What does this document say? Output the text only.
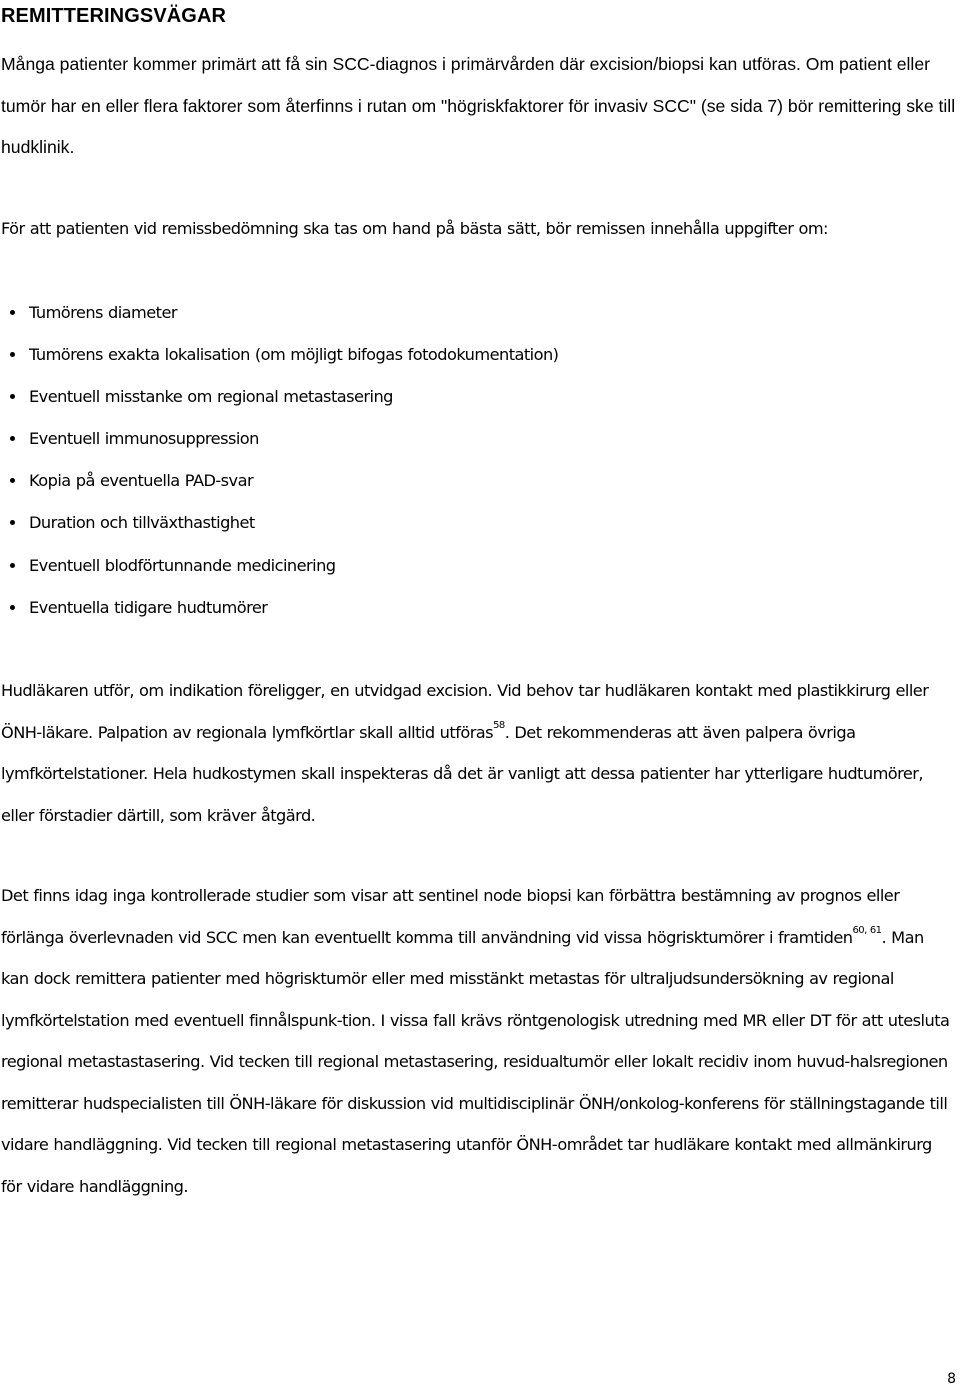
REMITTERINGSVÄGAR

Många patienter kommer primärt att få sin SCC-diagnos i primärvården där excision/biopsi kan utföras. Om patient eller tumör har en eller flera faktorer som återfinns i rutan om "högriskfaktorer för invasiv SCC" (se sida 7) bör remittering ske till hudklinik.

För att patienten vid remissbedömning ska tas om hand på bästa sätt, bör remissen innehålla uppgifter om:

Tumörens diameter
Tumörens exakta lokalisation (om möjligt bifogas fotodokumentation)
Eventuell misstanke om regional metastasering
Eventuell immunosuppression
Kopia på eventuella PAD-svar
Duration och tillväxthastighet
Eventuell blodförtunnande medicinering
Eventuella tidigare hudtumörer

Hudläkaren utför, om indikation föreligger, en utvidgad excision. Vid behov tar hudläkaren kontakt med plastikkirurg eller ÖNH-läkare. Palpation av regionala lymfkörtlar skall alltid utföras$^{58}$. Det rekommenderas att även palpera övriga lymfkörtelstationer. Hela hudkostymen skall inspekteras då det är vanligt att dessa patienter har ytterligare hudtumörer, eller förstadier därtill, som kräver åtgärd.

Det finns idag inga kontrollerade studier som visar att sentinel node biopsi kan förbättra bestämning av prognos eller förlänga överlevnaden vid SCC men kan eventuellt komma till användning vid vissa högrisktumörer i framtiden$^{60, 61}$. Man kan dock remittera patienter med högrisktumör eller med misstänkt metastas för ultraljudsundersökning av regional lymfkörtelstation med eventuell finnålspunk-tion. I vissa fall krävs röntgenologisk utredning med MR eller DT för att utesluta regional metastastasering. Vid tecken till regional metastasering, residualtumör eller lokalt recidiv inom huvud-halsregionen remitterar hudspecialisten till ÖNH-läkare för diskussion vid multidisciplinär ÖNH/onkolog-konferens för ställningstagande till vidare handläggning. Vid tecken till regional metastasering utanför ÖNH-området tar hudläkare kontakt med allmänkirurg för vidare handläggning.

8
